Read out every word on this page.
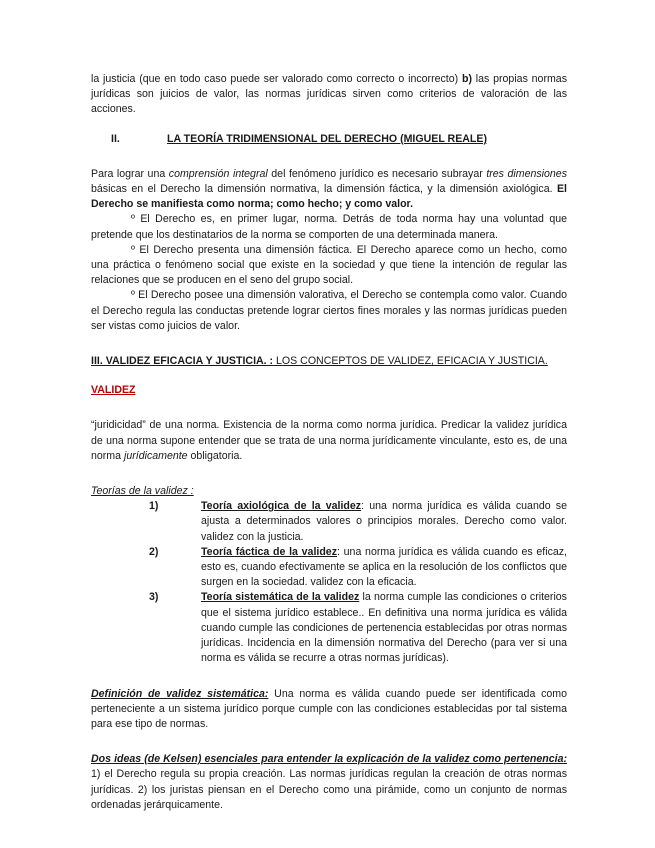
la justicia (que en todo caso puede ser valorado como correcto o incorrecto) b) las propias normas jurídicas son juicios de valor, las normas jurídicas sirven como criterios de valoración de las acciones.

II.	LA TEORÍA TRIDIMENSIONAL DEL DERECHO (MIGUEL REALE)

Para lograr una comprensión integral del fenómeno jurídico es necesario subrayar tres dimensiones básicas en el Derecho la dimensión normativa, la dimensión fáctica, y la dimensión axiológica. El Derecho se manifiesta como norma; como hecho; y como valor.

º El Derecho es, en primer lugar, norma. Detrás de toda norma hay una voluntad que pretende que los destinatarios de la norma se comporten de una determinada manera.

º El Derecho presenta una dimensión fáctica. El Derecho aparece como un hecho, como una práctica o fenómeno social que existe en la sociedad y que tiene la intención de regular las relaciones que se producen en el seno del grupo social.

º El Derecho posee una dimensión valorativa, el Derecho se contempla como valor. Cuando el Derecho regula las conductas pretende lograr ciertos fines morales y las normas jurídicas pueden ser vistas como juicios de valor.

III. VALIDEZ EFICACIA Y JUSTICIA. : LOS CONCEPTOS DE VALIDEZ, EFICACIA Y JUSTICIA.

VALIDEZ

“juridicidad” de una norma. Existencia de la norma como norma jurídica. Predicar la validez jurídica de una norma supone entender que se trata de una norma jurídicamente vinculante, esto es, de una norma jurídicamente obligatoria.

Teorías de la validez :

1)	Teoría axiológica de la validez: una norma jurídica es válida cuando se ajusta a determinados valores o principios morales. Derecho como valor. validez con la justicia.

2)	Teoría fáctica de la validez: una norma jurídica es válida cuando es eficaz, esto es, cuando efectivamente se aplica en la resolución de los conflictos que surgen en la sociedad. validez con la eficacia.

3)	Teoría sistemática de la validez la norma cumple las condiciones o criterios que el sistema jurídico establece.. En definitiva una norma jurídica es válida cuando cumple las condiciones de pertenencia establecidas por otras normas jurídicas. Incidencia en la dimensión normativa del Derecho (para ver si una norma es válida se recurre a otras normas jurídicas).

Definición de validez sistemática: Una norma es válida cuando puede ser identificada como perteneciente a un sistema jurídico porque cumple con las condiciones establecidas por tal sistema para ese tipo de normas.

Dos ideas (de Kelsen) esenciales para entender la explicación de la validez como pertenencia: 1) el Derecho regula su propia creación. Las normas jurídicas regulan la creación de otras normas jurídicas. 2) los juristas piensan en el Derecho como una pirámide, como un conjunto de normas ordenadas jerárquicamente.
